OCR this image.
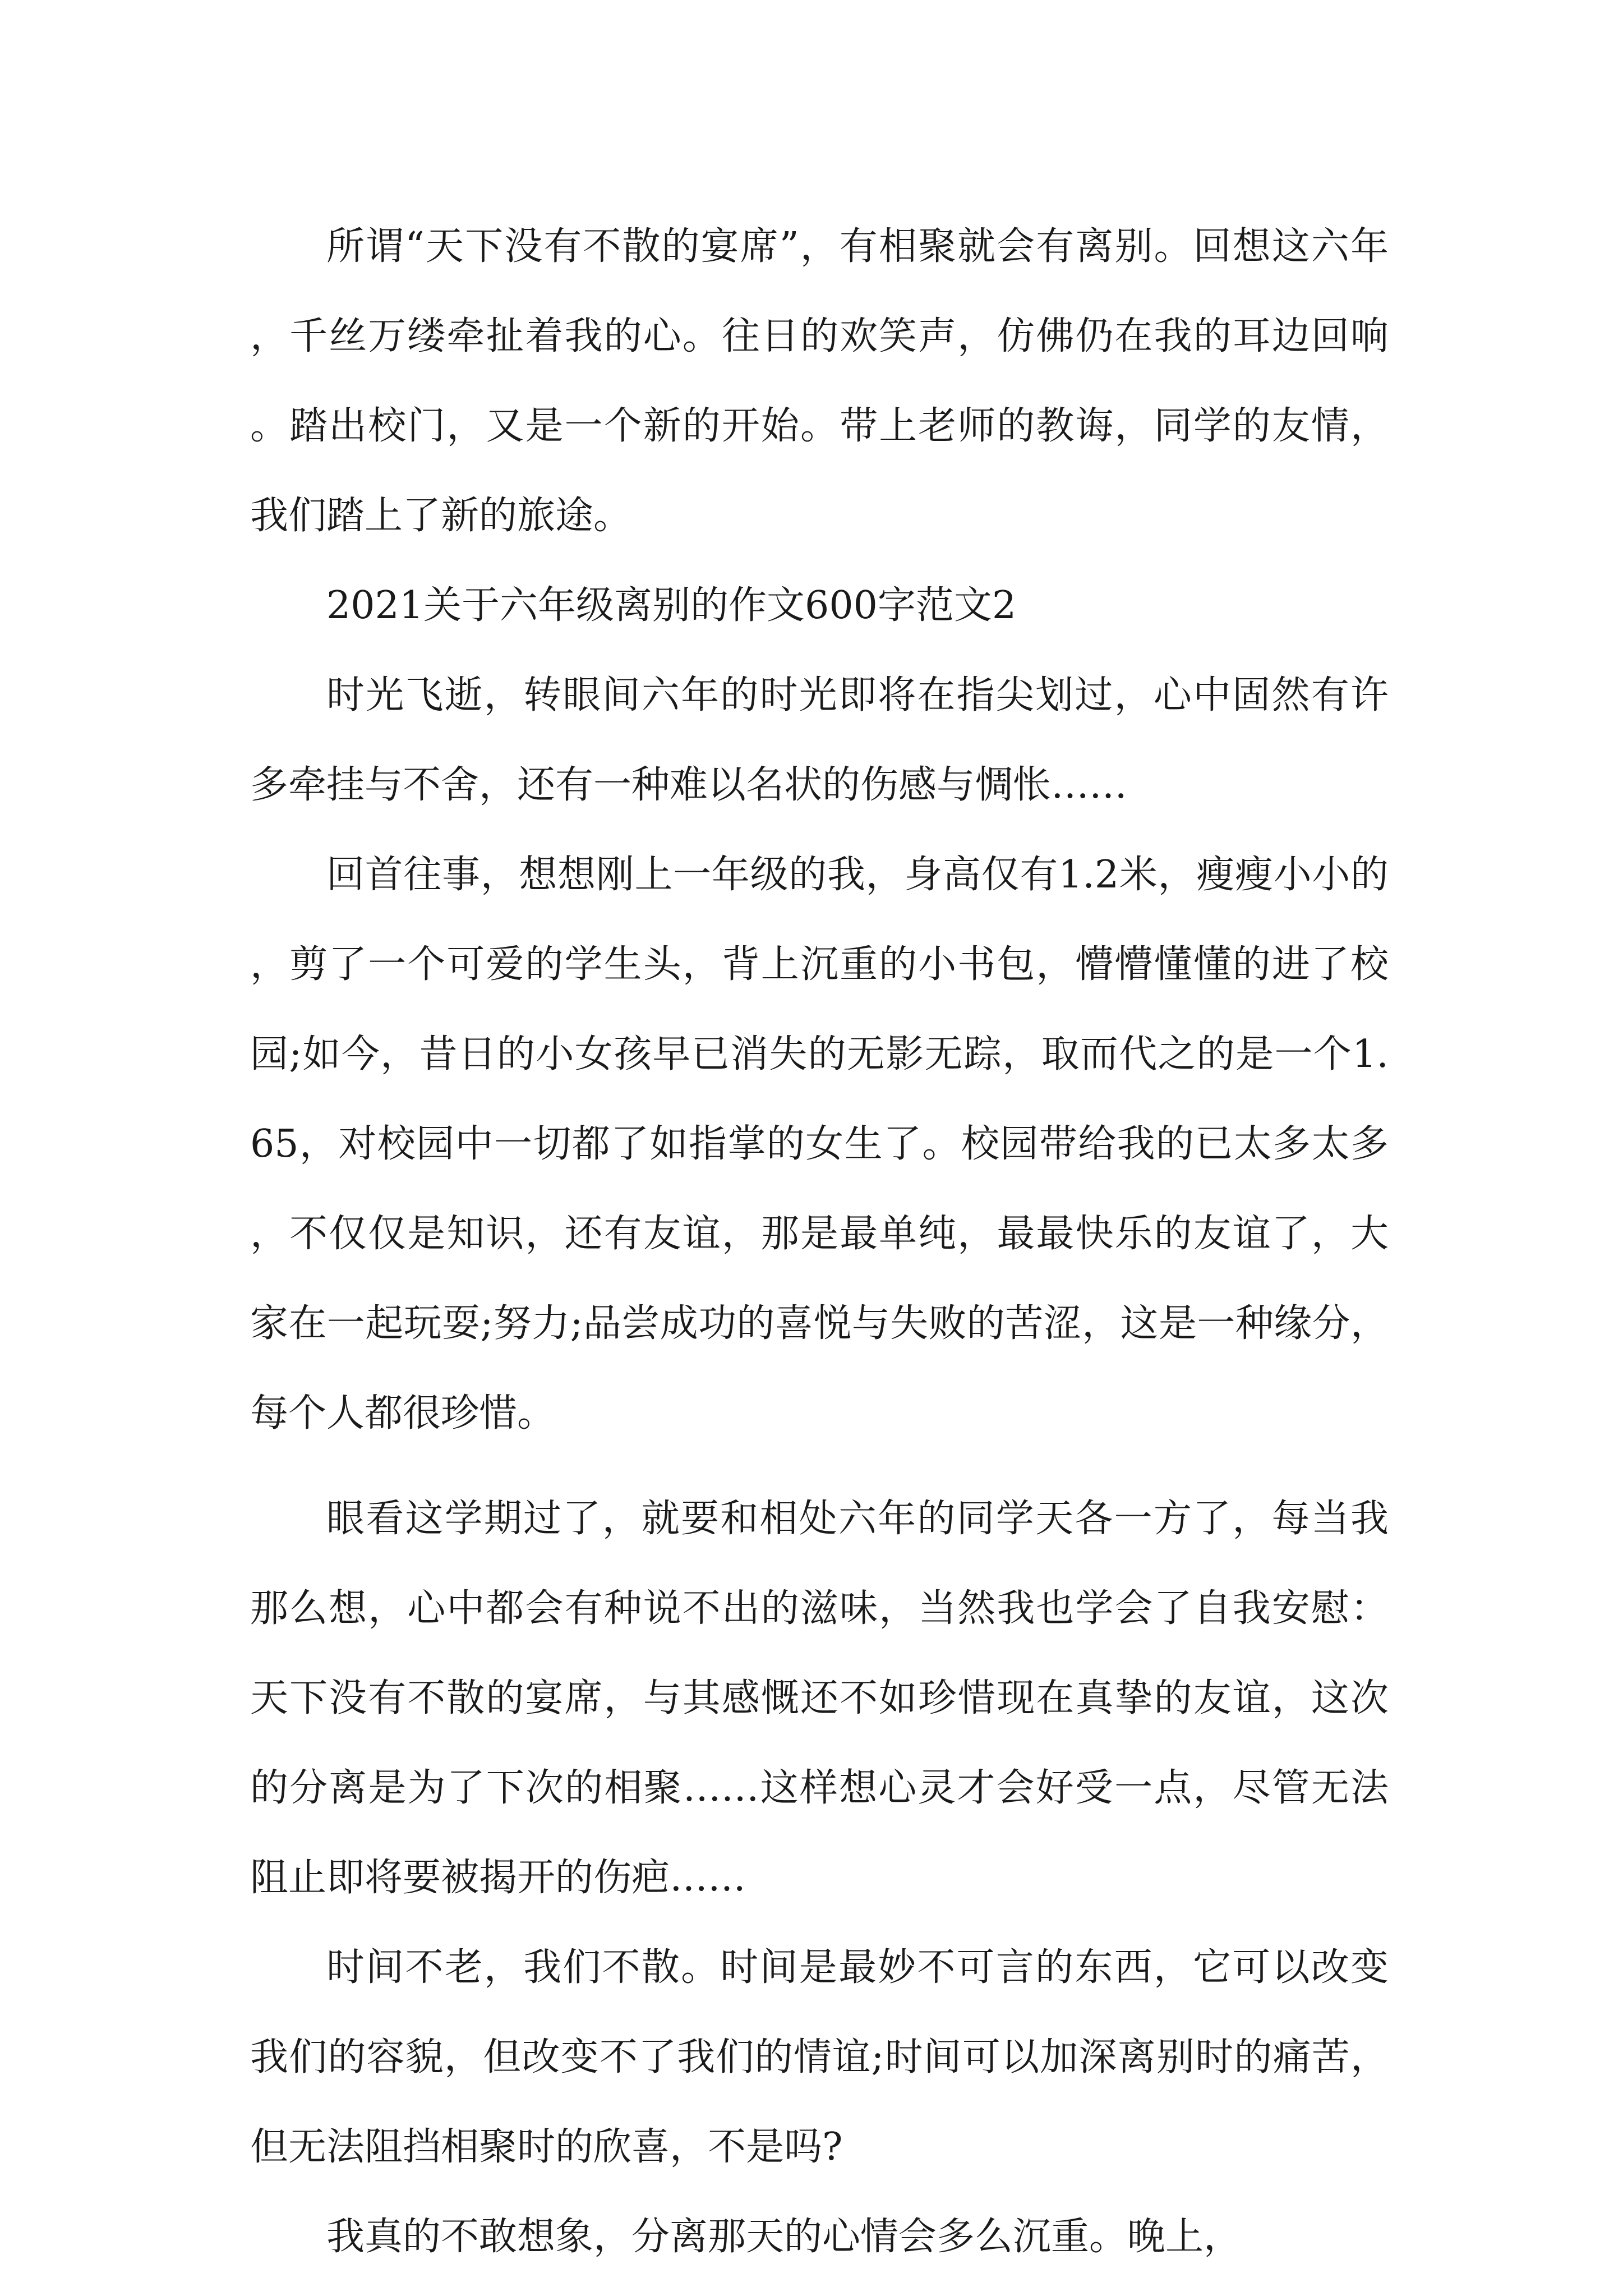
所谓“天下没有不散的宴席”，有相聚就会有离别。回想这六年，千丝万缕牵扯着我的心。往日的欢笑声，仿佛仍在我的耳边回响。踏出校门，又是一个新的开始。带上老师的教诲，同学的友情，我们踏上了新的旅途。

2021关于六年级离别的作文600字范文2

时光飞逝，转眼间六年的时光即将在指尖划过，心中固然有许多牵挂与不舍，还有一种难以名状的伤感与惆怅……

回首往事，想想刚上一年级的我，身高仅有1.2米，瘦瘦小小的，剪了一个可爱的学生头，背上沉重的小书包，懵懵懂懂的进了校园;如今，昔日的小女孩早已消失的无影无踪，取而代之的是一个1.65，对校园中一切都了如指掌的女生了。校园带给我的已太多太多，不仅仅是知识，还有友谊，那是最单纯，最最快乐的友谊了，大家在一起玩耍;努力;品尝成功的喜悦与失败的苦涩，这是一种缘分，每个人都很珍惜。

眼看这学期过了，就要和相处六年的同学天各一方了，每当我那么想，心中都会有种说不出的滋味，当然我也学会了自我安慰：天下没有不散的宴席，与其感慨还不如珍惜现在真挚的友谊，这次的分离是为了下次的相聚……这样想心灵才会好受一点，尽管无法阻止即将要被揭开的伤疤……

时间不老，我们不散。时间是最妙不可言的东西，它可以改变我们的容貌，但改变不了我们的情谊;时间可以加深离别时的痛苦，但无法阻挡相聚时的欣喜，不是吗?

我真的不敢想象，分离那天的心情会多么沉重。晚上，
